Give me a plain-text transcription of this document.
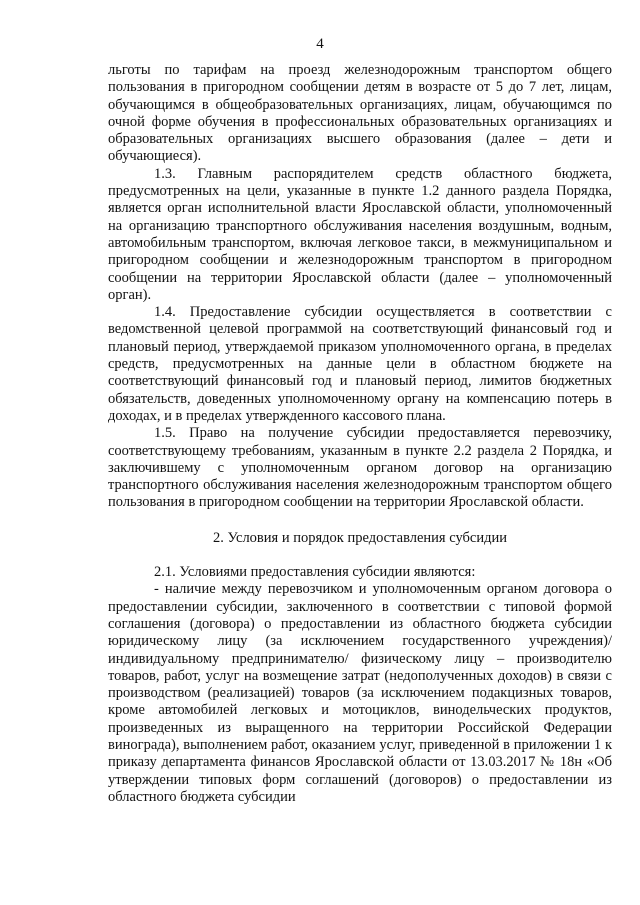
4

льготы по тарифам на проезд железнодорожным транспортом общего пользования в пригородном сообщении детям в возрасте от 5 до 7 лет, лицам, обучающимся в общеобразовательных организациях, лицам, обучающимся по очной форме обучения в профессиональных образовательных организациях и образовательных организациях высшего образования (далее – дети и обучающиеся).

1.3. Главным распорядителем средств областного бюджета, предусмотренных на цели, указанные в пункте 1.2 данного раздела Порядка, является орган исполнительной власти Ярославской области, уполномоченный на организацию транспортного обслуживания населения воздушным, водным, автомобильным транспортом, включая легковое такси, в межмуниципальном и пригородном сообщении и железнодорожным транспортом в пригородном сообщении на территории Ярославской области (далее – уполномоченный орган).

1.4. Предоставление субсидии осуществляется в соответствии с ведомственной целевой программой на соответствующий финансовый год и плановый период, утверждаемой приказом уполномоченного органа, в пределах средств, предусмотренных на данные цели в областном бюджете на соответствующий финансовый год и плановый период, лимитов бюджетных обязательств, доведенных уполномоченному органу на компенсацию потерь в доходах, и в пределах утвержденного кассового плана.

1.5. Право на получение субсидии предоставляется перевозчику, соответствующему требованиям, указанным в пункте 2.2 раздела 2 Порядка, и заключившему с уполномоченным органом договор на организацию транспортного обслуживания населения железнодорожным транспортом общего пользования в пригородном сообщении на территории Ярославской области.

2. Условия и порядок предоставления субсидии

2.1. Условиями предоставления субсидии являются:

- наличие между перевозчиком и уполномоченным органом договора о предоставлении субсидии, заключенного в соответствии с типовой формой соглашения (договора) о предоставлении из областного бюджета субсидии юридическому лицу (за исключением государственного учреждения)/ индивидуальному предпринимателю/ физическому лицу – производителю товаров, работ, услуг на возмещение затрат (недополученных доходов) в связи с производством (реализацией) товаров (за исключением подакцизных товаров, кроме автомобилей легковых и мотоциклов, винодельческих продуктов, произведенных из выращенного на территории Российской Федерации винограда), выполнением работ, оказанием услуг, приведенной в приложении 1 к приказу департамента финансов Ярославской области от 13.03.2017 № 18н «Об утверждении типовых форм соглашений (договоров) о предоставлении из областного бюджета субсидии
